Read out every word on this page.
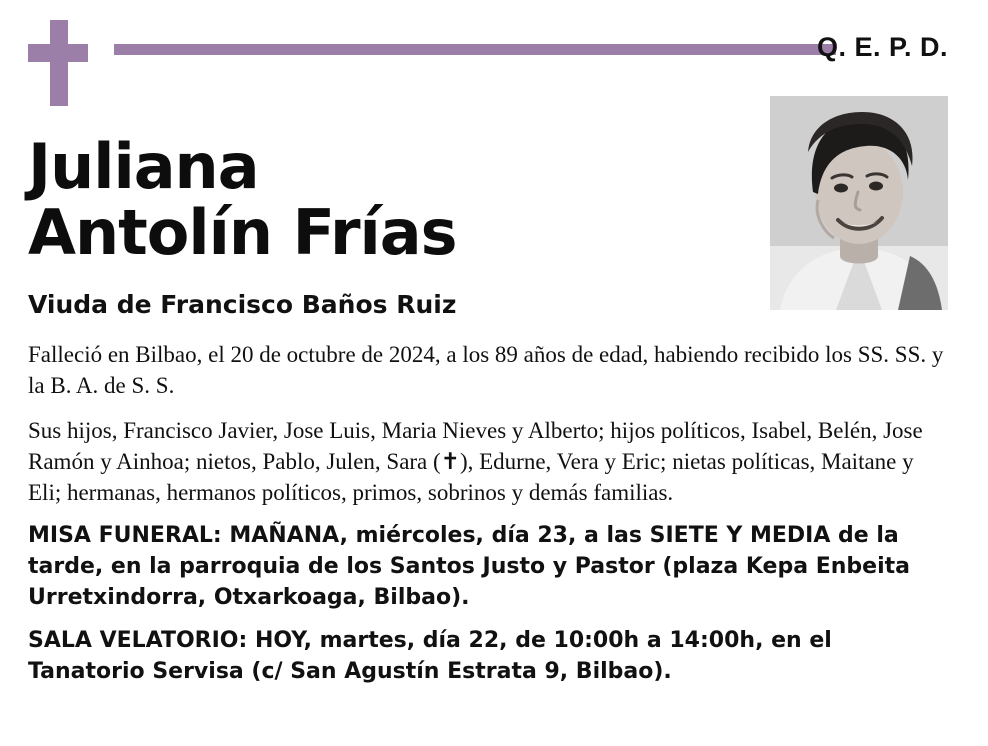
Q. E. P. D.
Juliana
Antolín Frías
Viuda de Francisco Baños Ruiz

Falleció en Bilbao, el 20 de octubre de 2024, a los 89 años de edad, habiendo recibido los SS. SS. y la B. A. de S. S.

Sus hijos, Francisco Javier, Jose Luis, Maria Nieves y Alberto; hijos políticos, Isabel, Belén, Jose Ramón y Ainhoa; nietos, Pablo, Julen, Sara (✝), Edurne, Vera y Eric; nietas políticas, Maitane y Eli; hermanas, hermanos políticos, primos, sobrinos y demás familias.

MISA FUNERAL: MAÑANA, miércoles, día 23, a las SIETE Y MEDIA de la tarde, en la parroquia de los Santos Justo y Pastor (plaza Kepa Enbeita Urretxindorra, Otxarkoaga, Bilbao).

SALA VELATORIO: HOY, martes, día 22, de 10:00h a 14:00h, en el Tanatorio Servisa (c/ San Agustín Estrata 9, Bilbao).
